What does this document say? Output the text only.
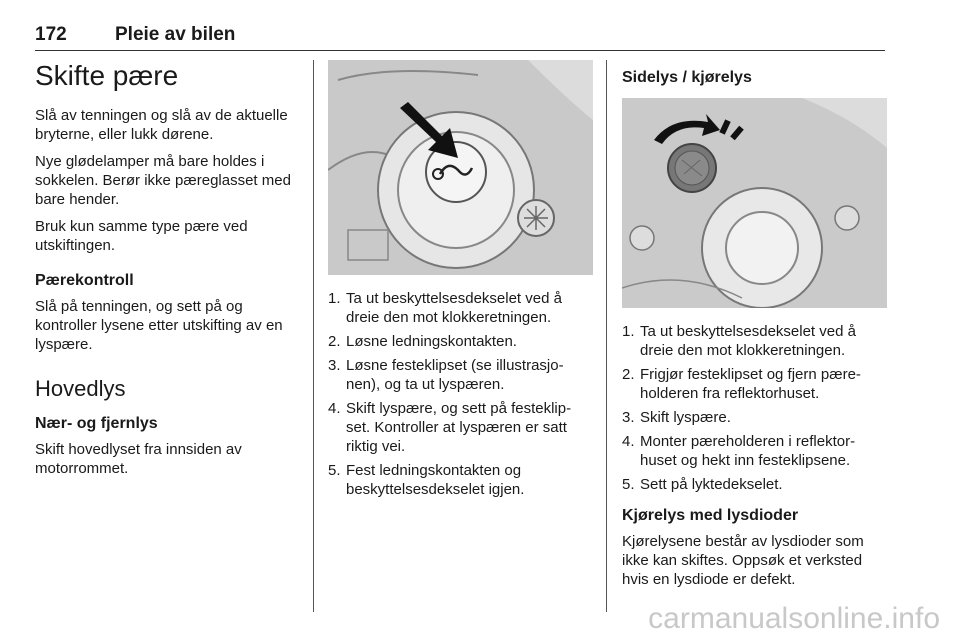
172	Pleie av bilen
Skifte pære

Slå av tenningen og slå av de aktuelle bryterne, eller lukk dørene.

Nye glødelamper må bare holdes i sokkelen. Berør ikke pæreglasset med bare hender.

Bruk kun samme type pære ved utskiftingen.

Pærekontroll

Slå på tenningen, og sett på og kontroller lysene etter utskifting av en lyspære.

Hovedlys
Nær- og fjernlys

Skift hovedlyset fra innsiden av motorrommet.

1. Ta ut beskyttelsesdekselet ved å dreie den mot klokkeretningen.
2. Løsne ledningskontakten.
3. Løsne festeklipset (se illustrasjo- nen), og ta ut lyspæren.
4. Skift lyspære, og sett på festeklip- set. Kontroller at lyspæren er satt riktig vei.
5. Fest ledningskontakten og beskyttelsesdekselet igjen.
Sidelys / kjørelys
1. Ta ut beskyttelsesdekselet ved å dreie den mot klokkeretningen.
2. Frigjør festeklipset og fjern pære- holderen fra reflektorhuset.
3. Skift lyspære.
4. Monter pæreholderen i reflektor- huset og hekt inn festeklipsene.
5. Sett på lyktedekselet.
Kjørelys med lysdioder

Kjørelysene består av lysdioder som ikke kan skiftes. Oppsøk et verksted hvis en lysdiode er defekt.

carmanualsonline.info
